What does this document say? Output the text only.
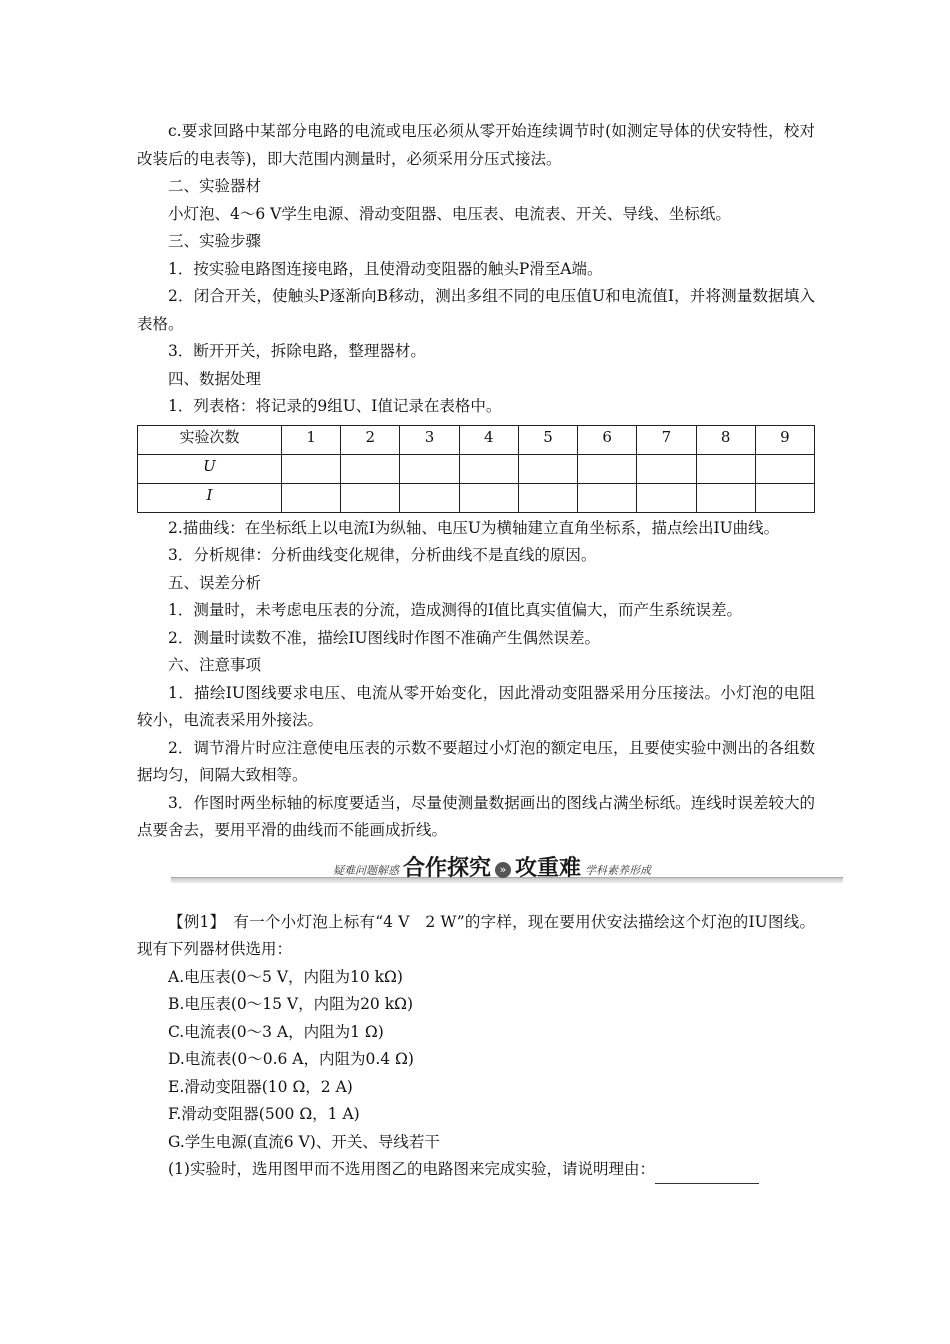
c.要求回路中某部分电路的电流或电压必须从零开始连续调节时(如测定导体的伏安特性，校对改装后的电表等)，即大范围内测量时，必须采用分压式接法。

二、实验器材

小灯泡、4～6 V学生电源、滑动变阻器、电压表、电流表、开关、导线、坐标纸。

三、实验步骤

1．按实验电路图连接电路，且使滑动变阻器的触头P滑至A端。

2．闭合开关，使触头P逐渐向B移动，测出多组不同的电压值U和电流值I，并将测量数据填入表格。

3．断开开关，拆除电路，整理器材。

四、数据处理

1．列表格：将记录的9组U、I值记录在表格中。

实验次数	1	2	3	4	5	6	7	8	9
U									
I									

2.描曲线：在坐标纸上以电流I为纵轴、电压U为横轴建立直角坐标系，描点绘出IU曲线。

3．分析规律：分析曲线变化规律，分析曲线不是直线的原因。

五、误差分析

1．测量时，未考虑电压表的分流，造成测得的I值比真实值偏大，而产生系统误差。

2．测量时读数不准，描绘IU图线时作图不准确产生偶然误差。

六、注意事项

1．描绘IU图线要求电压、电流从零开始变化，因此滑动变阻器采用分压接法。小灯泡的电阻较小，电流表采用外接法。

2．调节滑片时应注意使电压表的示数不要超过小灯泡的额定电压，且要使实验中测出的各组数据均匀，间隔大致相等。

3．作图时两坐标轴的标度要适当，尽量使测量数据画出的图线占满坐标纸。连线时误差较大的点要舍去，要用平滑的曲线而不能画成折线。

疑难问题解惑 合作探究 » 攻重难 学科素养形成

【例1】　有一个小灯泡上标有“4 V　2 W”的字样，现在要用伏安法描绘这个灯泡的IU图线。现有下列器材供选用：

A.电压表(0～5 V，内阻为10 kΩ)

B.电压表(0～15 V，内阻为20 kΩ)

C.电流表(0～3 A，内阻为1 Ω)

D.电流表(0～0.6 A，内阻为0.4 Ω)

E.滑动变阻器(10 Ω，2 A)

F.滑动变阻器(500 Ω，1 A)

G.学生电源(直流6 V)、开关、导线若干

(1)实验时，选用图甲而不选用图乙的电路图来完成实验，请说明理由：
